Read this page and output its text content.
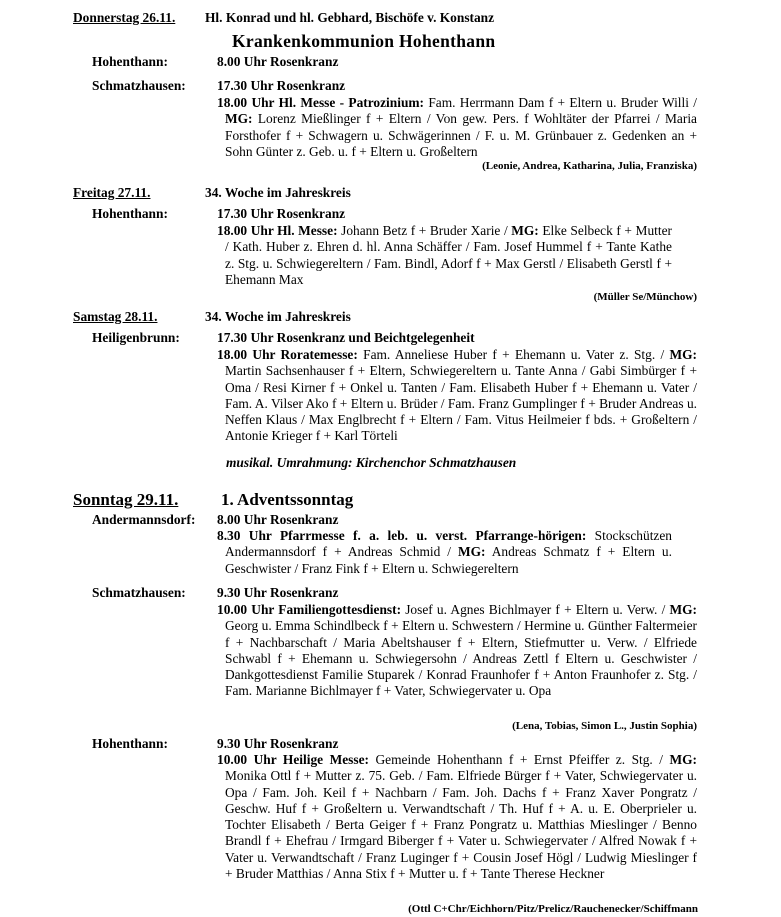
Donnerstag 26.11. Hl. Konrad und hl. Gebhard, Bischöfe v. Konstanz
Krankenkommunion Hohenthann
Hohenthann:	8.00 Uhr Rosenkranz
Schmatzhausen: 17.30 Uhr Rosenkranz
18.00 Uhr Hl. Messe - Patrozinium: Fam. Herrmann Dam f + Eltern u. Bruder Willi / MG: Lorenz Mießlinger f + Eltern / Von gew. Pers. f Wohltäter der Pfarrei / Maria Forsthofer f + Schwagern u. Schwägerinnen / F. u. M. Grünbauer z. Gedenken an + Sohn Günter z. Geb. u. f + Eltern u. Großeltern
(Leonie, Andrea, Katharina, Julia, Franziska)
Freitag 27.11.	34. Woche im Jahreskreis
Hohenthann:	17.30 Uhr Rosenkranz
18.00 Uhr Hl. Messe: Johann Betz f + Bruder Xarie / MG: Elke Selbeck f + Mutter / Kath. Huber z. Ehren d. hl. Anna Schäffer / Fam. Josef Hummel f + Tante Kathe z. Stg. u. Schwiegereltern / Fam. Bindl, Adorf f + Max Gerstl / Elisabeth Gerstl f + Ehemann Max
(Müller Se/Münchow)
Samstag 28.11.	34. Woche im Jahreskreis
Heiligenbrunn:	17.30 Uhr Rosenkranz und Beichtgelegenheit
18.00 Uhr Roratemesse: Fam. Anneliese Huber f + Ehemann u. Vater z. Stg. / MG: Martin Sachsenhauser f + Eltern, Schwiegereltern u. Tante Anna / Gabi Simbürger f + Oma / Resi Kirner f + Onkel u. Tanten / Fam. Elisabeth Huber f + Ehemann u. Vater / Fam. A. Vilser Ako f + Eltern u. Brüder / Fam. Franz Gumplinger f + Bruder Andreas u. Neffen Klaus / Max Englbrecht f + Eltern / Fam. Vitus Heilmeier f bds. + Großeltern / Antonie Krieger f + Karl Törteli
musikal. Umrahmung: Kirchenchor Schmatzhausen
Sonntag 29.11.	1. Adventssonntag
Andermannsdorf: 8.00 Uhr Rosenkranz
8.30 Uhr Pfarrmesse f. a. leb. u. verst. Pfarrange-hörigen: Stockschützen Andermannsdorf f + Andreas Schmid / MG: Andreas Schmatz f + Eltern u. Geschwister / Franz Fink f + Eltern u. Schwiegereltern
Schmatzhausen: 9.30 Uhr Rosenkranz
10.00 Uhr Familiengottesdienst: Josef u. Agnes Bichlmayer f + Eltern u. Verw. / MG: Georg u. Emma Schindlbeck f + Eltern u. Schwestern / Hermine u. Günther Faltermeier f + Nachbarschaft / Maria Abeltshauser f + Eltern, Stiefmutter u. Verw. / Elfriede Schwabl f + Ehemann u. Schwiegersohn / Andreas Zettl f Eltern u. Geschwister / Dankgottesdienst Familie Stuparek / Konrad Fraunhofer f + Anton Fraunhofer z. Stg. / Fam. Marianne Bichlmayer f + Vater, Schwiegervater u. Opa
(Lena, Tobias, Simon L., Justin Sophia)
Hohenthann:	9.30 Uhr Rosenkranz
10.00 Uhr Heilige Messe: Gemeinde Hohenthann f + Ernst Pfeiffer z. Stg. / MG: Monika Ottl f + Mutter z. 75. Geb. / Fam. Elfriede Bürger f + Vater, Schwiegervater u. Opa / Fam. Joh. Keil f + Nachbarn / Fam. Joh. Dachs f + Franz Xaver Pongratz / Geschw. Huf f + Großeltern u. Verwandtschaft / Th. Huf f + A. u. E. Oberprieler u. Tochter Elisabeth / Berta Geiger f + Franz Pongratz u. Matthias Mieslinger / Benno Brandl f + Ehefrau / Irmgard Biberger f + Vater u. Schwiegervater / Alfred Nowak f + Vater u. Verwandtschaft / Franz Luginger f + Cousin Josef Högl / Ludwig Mieslinger f + Bruder Matthias / Anna Stix f + Mutter u. f + Tante Therese Heckner
(Ottl C+Chr/Eichhorn/Pitz/Prelicz/Rauchenecker/Schiffmann
